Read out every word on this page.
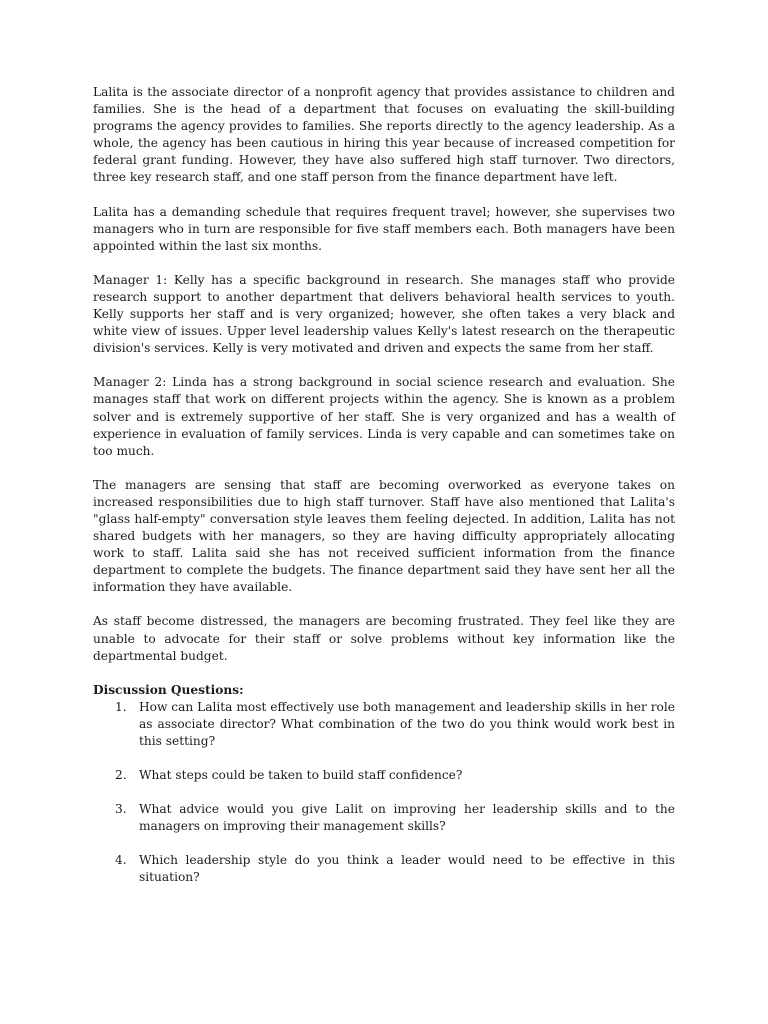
Lalita is the associate director of a nonprofit agency that provides assistance to children and families. She is the head of a department that focuses on evaluating the skill-building programs the agency provides to families. She reports directly to the agency leadership. As a whole, the agency has been cautious in hiring this year because of increased competition for federal grant funding. However, they have also suffered high staff turnover. Two directors, three key research staff, and one staff person from the finance department have left.

Lalita has a demanding schedule that requires frequent travel; however, she supervises two managers who in turn are responsible for five staff members each. Both managers have been appointed within the last six months.

Manager 1: Kelly has a specific background in research. She manages staff who provide research support to another department that delivers behavioral health services to youth. Kelly supports her staff and is very organized; however, she often takes a very black and white view of issues. Upper level leadership values Kelly's latest research on the therapeutic division's services. Kelly is very motivated and driven and expects the same from her staff.

Manager 2: Linda has a strong background in social science research and evaluation. She manages staff that work on different projects within the agency. She is known as a problem solver and is extremely supportive of her staff. She is very organized and has a wealth of experience in evaluation of family services. Linda is very capable and can sometimes take on too much.

The managers are sensing that staff are becoming overworked as everyone takes on increased responsibilities due to high staff turnover. Staff have also mentioned that Lalita's "glass half-empty" conversation style leaves them feeling dejected. In addition, Lalita has not shared budgets with her managers, so they are having difficulty appropriately allocating work to staff. Lalita said she has not received sufficient information from the finance department to complete the budgets. The finance department said they have sent her all the information they have available.

As staff become distressed, the managers are becoming frustrated. They feel like they are unable to advocate for their staff or solve problems without key information like the departmental budget.

Discussion Questions:

1. How can Lalita most effectively use both management and leadership skills in her role as associate director? What combination of the two do you think would work best in this setting?
2. What steps could be taken to build staff confidence?
3. What advice would you give Lalit on improving her leadership skills and to the managers on improving their management skills?
4. Which leadership style do you think a leader would need to be effective in this situation?
